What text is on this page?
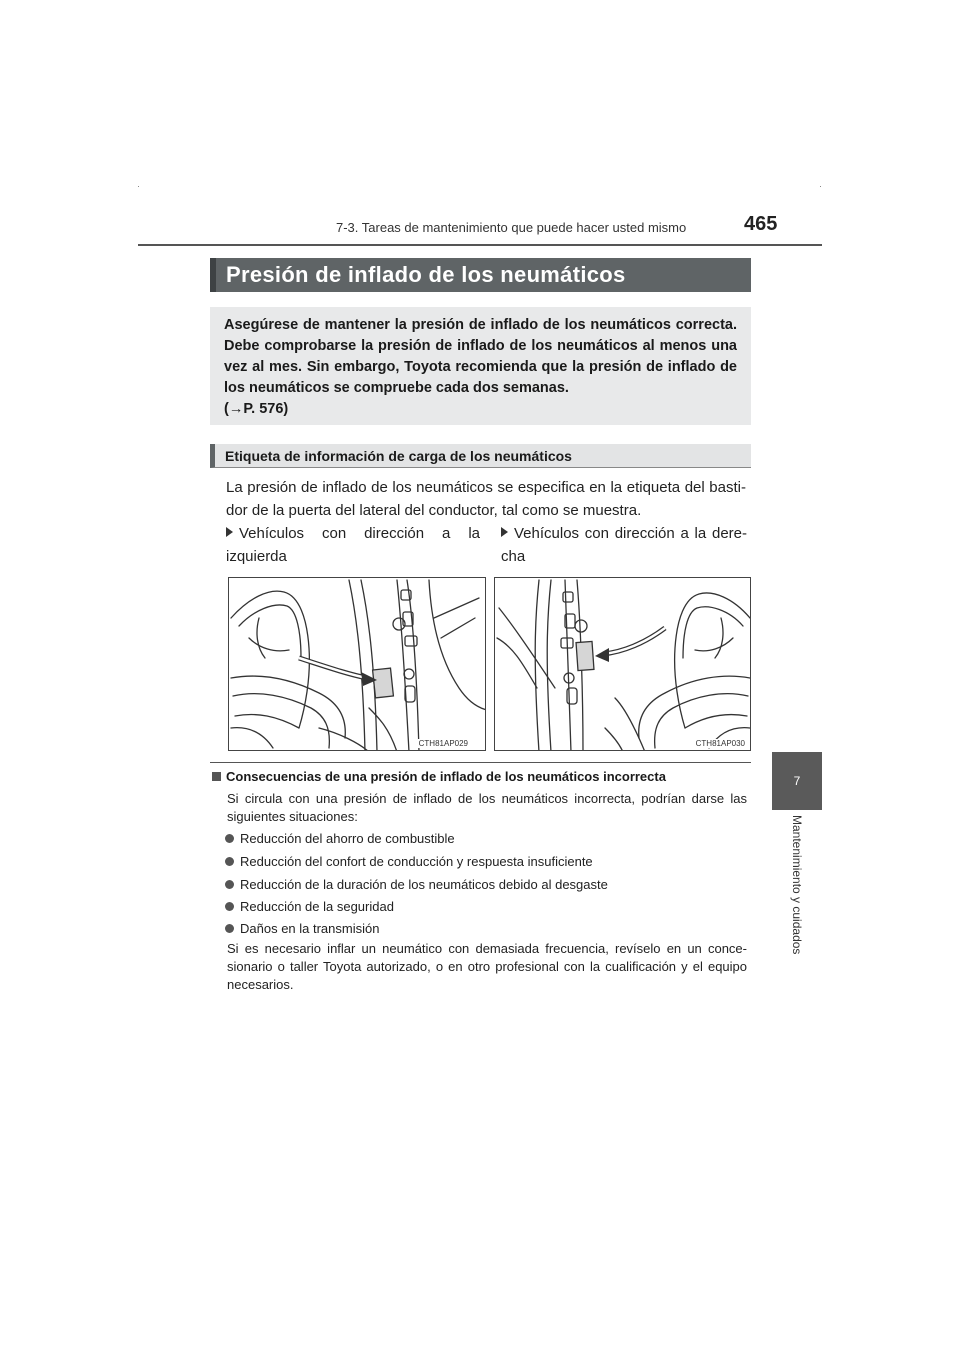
7-3. Tareas de mantenimiento que puede hacer usted mismo	465
7
Mantenimiento y cuidados
Presión de inflado de los neumáticos
Asegúrese de mantener la presión de inflado de los neumáticos correcta. Debe comprobarse la presión de inflado de los neumáticos al menos una vez al mes. Sin embargo, Toyota recomienda que la presión de inflado de los neumáticos se compruebe cada dos semanas.
(→P. 576)
Etiqueta de información de carga de los neumáticos
La presión de inflado de los neumáticos se especifica en la etiqueta del basti-dor de la puerta del lateral del conductor, tal como se muestra.
Vehículos con dirección a la izquierda
Vehículos con dirección a la dere-cha
CTH81AP029	CTH81AP030
Consecuencias de una presión de inflado de los neumáticos incorrecta
Si circula con una presión de inflado de los neumáticos incorrecta, podrían darse las siguientes situaciones:
Reducción del ahorro de combustible
Reducción del confort de conducción y respuesta insuficiente
Reducción de la duración de los neumáticos debido al desgaste
Reducción de la seguridad
Daños en la transmisión
Si es necesario inflar un neumático con demasiada frecuencia, revíselo en un conce-sionario o taller Toyota autorizado, o en otro profesional con la cualificación y el equipo necesarios.
